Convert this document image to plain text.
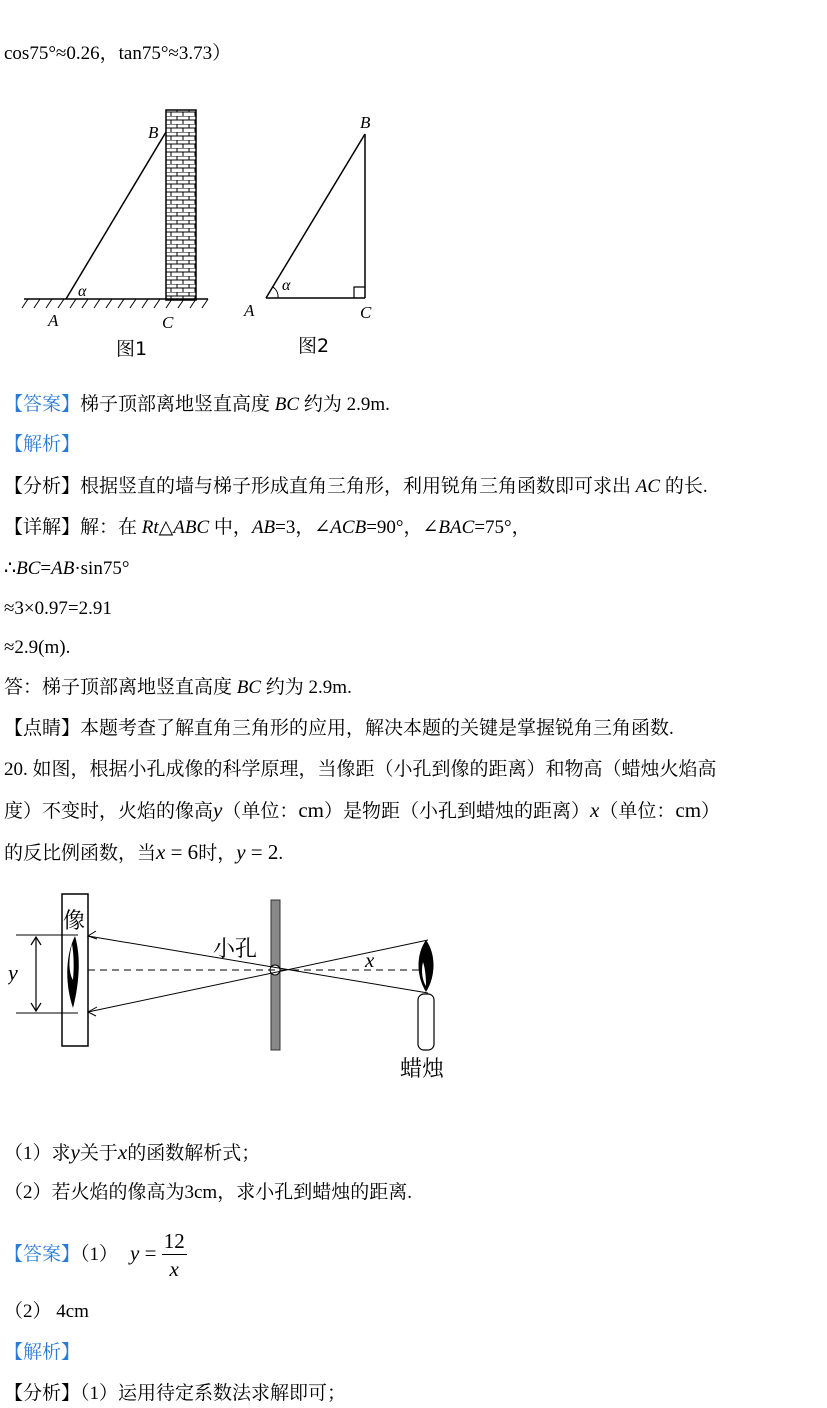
cos75°≈0.26，tan75°≈3.73）
B
α
A	C
图1
B
α
A	C
图2
【答案】梯子顶部离地竖直高度 BC 约为 2.9m.
【解析】
【分析】根据竖直的墙与梯子形成直角三角形，利用锐角三角函数即可求出 AC 的长.
【详解】解：在 Rt△ABC 中，AB=3，∠ACB=90°，∠BAC=75°，
∴BC=AB·sin75°
≈3×0.97=2.91
≈2.9(m).
答：梯子顶部离地竖直高度 BC 约为 2.9m.
【点睛】本题考查了解直角三角形的应用，解决本题的关键是掌握锐角三角函数.
20. 如图，根据小孔成像的科学原理，当像距（小孔到像的距离）和物高（蜡烛火焰高
度）不变时，火焰的像高y（单位：cm）是物距（小孔到蜡烛的距离）x（单位：cm）
的反比例函数，当x = 6时，y = 2.
像
y
小孔	x
蜡烛
（1）求y关于x的函数解析式；
（2）若火焰的像高为3cm，求小孔到蜡烛的距离.
【答案】（1） $y = \frac{12}{x}$
（2） 4cm
【解析】
【分析】（1）运用待定系数法求解即可；
